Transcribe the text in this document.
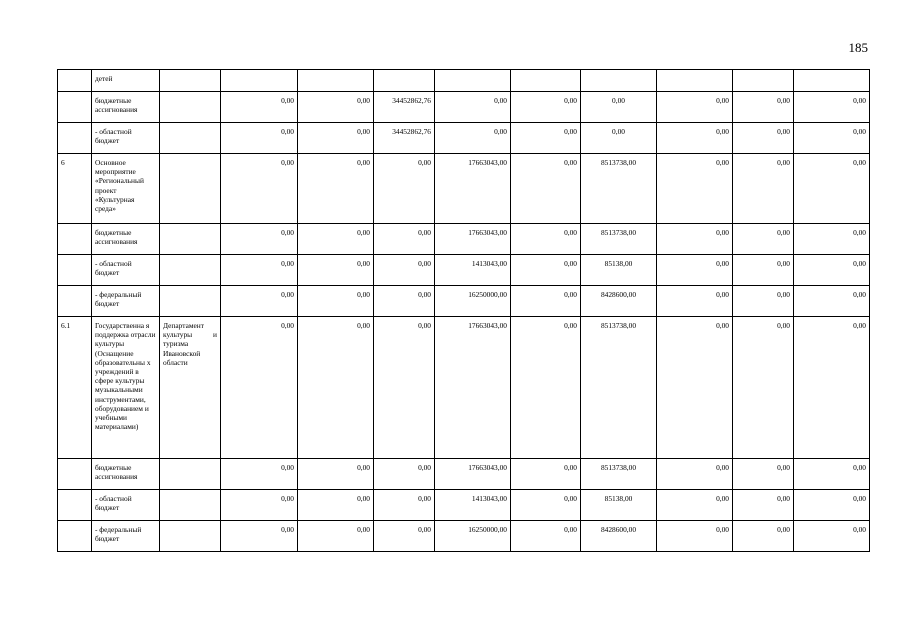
185
	детей	

	бюджетные ассигнования		0,00	0,00	34452862,76	0,00	0,00	0,00	0,00	0,00	0,00
	- областной бюджет		0,00	0,00	34452862,76	0,00	0,00	0,00	0,00	0,00	0,00
6	Основное мероприятие «Региональный проект «Культурная среда»		0,00	0,00	0,00	17663043,00	0,00	8513738,00	0,00	0,00	0,00
	бюджетные ассигнования		0,00	0,00	0,00	17663043,00	0,00	8513738,00	0,00	0,00	0,00
	- областной бюджет		0,00	0,00	0,00	1413043,00	0,00	85138,00	0,00	0,00	0,00
	- федеральный бюджет		0,00	0,00	0,00	16250000,00	0,00	8428600,00	0,00	0,00	0,00
6.1	Государственна я поддержка отрасли культуры (Оснащение образовательны х учреждений в сфере культуры музыкальными инструментами, оборудованием и учебными материалами)	Департамент культуры и туризма Ивановской области	0,00	0,00	0,00	17663043,00	0,00	8513738,00	0,00	0,00	0,00
	бюджетные ассигнования		0,00	0,00	0,00	17663043,00	0,00	8513738,00	0,00	0,00	0,00
	- областной бюджет		0,00	0,00	0,00	1413043,00	0,00	85138,00	0,00	0,00	0,00
	- федеральный бюджет		0,00	0,00	0,00	16250000,00	0,00	8428600,00	0,00	0,00	0,00
